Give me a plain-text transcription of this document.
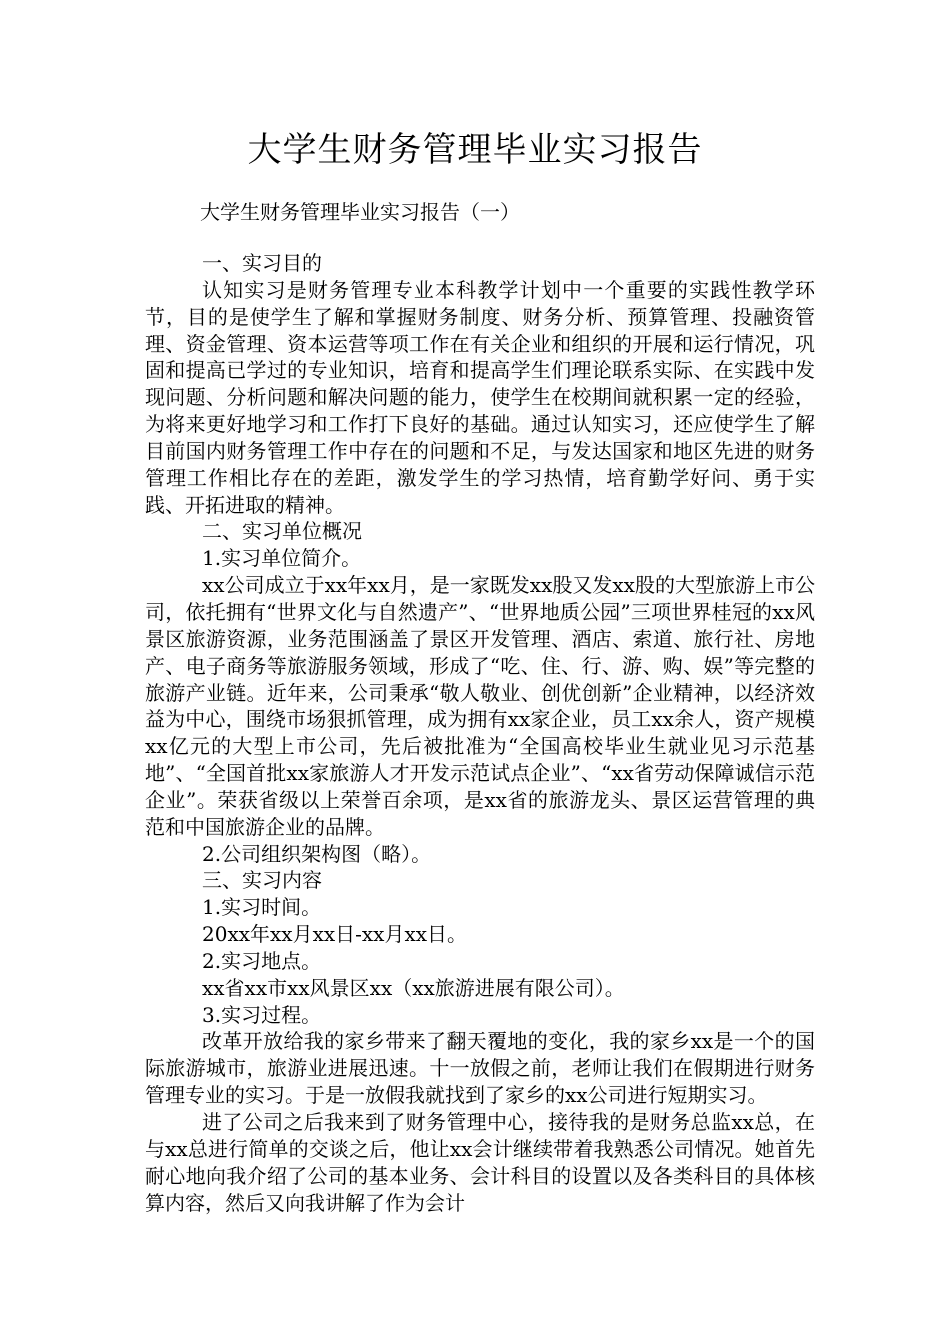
大学生财务管理毕业实习报告

大学生财务管理毕业实习报告（一）

一、实习目的

认知实习是财务管理专业本科教学计划中一个重要的实践性教学环节，目的是使学生了解和掌握财务制度、财务分析、预算管理、投融资管理、资金管理、资本运营等项工作在有关企业和组织的开展和运行情况，巩固和提高已学过的专业知识，培育和提高学生们理论联系实际、在实践中发现问题、分析问题和解决问题的能力，使学生在校期间就积累一定的经验，为将来更好地学习和工作打下良好的基础。通过认知实习，还应使学生了解目前国内财务管理工作中存在的问题和不足，与发达国家和地区先进的财务管理工作相比存在的差距，激发学生的学习热情，培育勤学好问、勇于实践、开拓进取的精神。

二、实习单位概况

1.实习单位简介。

xx公司成立于xx年xx月，是一家既发xx股又发xx股的大型旅游上市公司，依托拥有“世界文化与自然遗产”、“世界地质公园”三项世界桂冠的xx风景区旅游资源，业务范围涵盖了景区开发管理、酒店、索道、旅行社、房地产、电子商务等旅游服务领域，形成了“吃、住、行、游、购、娱”等完整的旅游产业链。近年来，公司秉承“敬人敬业、创优创新”企业精神，以经济效益为中心，围绕市场狠抓管理，成为拥有xx家企业，员工xx余人，资产规模xx亿元的大型上市公司，先后被批准为“全国高校毕业生就业见习示范基地”、“全国首批xx家旅游人才开发示范试点企业”、“xx省劳动保障诚信示范企业”。荣获省级以上荣誉百余项，是xx省的旅游龙头、景区运营管理的典范和中国旅游企业的品牌。

2.公司组织架构图（略）。

三、实习内容

1.实习时间。

20xx年xx月xx日-xx月xx日。

2.实习地点。

xx省xx市xx风景区xx（xx旅游进展有限公司）。

3.实习过程。

改革开放给我的家乡带来了翻天覆地的变化，我的家乡xx是一个的国际旅游城市，旅游业进展迅速。十一放假之前，老师让我们在假期进行财务管理专业的实习。于是一放假我就找到了家乡的xx公司进行短期实习。

进了公司之后我来到了财务管理中心，接待我的是财务总监xx总，在与xx总进行简单的交谈之后，他让xx会计继续带着我熟悉公司情况。她首先耐心地向我介绍了公司的基本业务、会计科目的设置以及各类科目的具体核算内容，然后又向我讲解了作为会计
